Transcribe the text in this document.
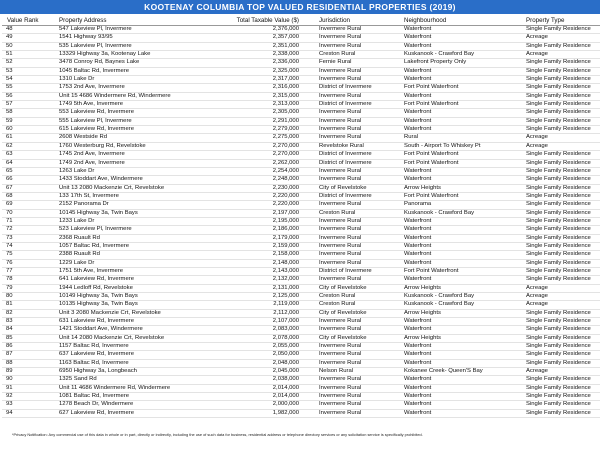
KOOTENAY COLUMBIA TOP VALUED RESIDENTIAL PROPERTIES (2019)
Value Rank	Property Address	Total Taxable Value ($)	Jurisdiction	Neighbourhood	Property Type
48	547 Lakeview Pl, Invermere	2,376,000	Invermere Rural	Waterfront	Single Family Residence
49	1541 Highway 93/95	2,357,000	Invermere Rural	Waterfront	Acreage
50	535 Lakeview Pl, Invermere	2,351,000	Invermere Rural	Waterfront	Single Family Residence
51	13329 Highway 3a, Kootenay Lake	2,338,000	Creston Rural	Kuskanook - Crawford Bay	Acreage
52	3478 Conroy Rd, Baynes Lake	2,336,000	Fernie Rural	Lakefront Property Only	Single Family Residence
53	1045 Baltac Rd, Invermere	2,325,000	Invermere Rural	Waterfront	Single Family Residence
54	1310 Lake Dr	2,317,000	Invermere Rural	Waterfront	Single Family Residence
55	1753 2nd Ave, Invermere	2,316,000	District of Invermere	Fort Point Waterfront	Single Family Residence
56	Unit 15 4686 Windermere Rd, Windermere	2,315,000	Invermere Rural	Waterfront	Single Family Residence
57	1749 5th Ave, Invermere	2,313,000	District of Invermere	Fort Point Waterfront	Single Family Residence
58	553 Lakeview Rd, Invermere	2,305,000	Invermere Rural	Waterfront	Single Family Residence
59	555 Lakeview Pl, Invermere	2,291,000	Invermere Rural	Waterfront	Single Family Residence
60	615 Lakeview Rd, Invermere	2,279,000	Invermere Rural	Waterfront	Single Family Residence
61	2608 Westside Rd	2,275,000	Invermere Rural	Rural	Acreage
62	1760 Westerburg Rd, Revelstoke	2,270,000	Revelstoke Rural	South - Airport To Whiskey Pt	Acreage
63	1745 2nd Ave, Invermere	2,270,000	District of Invermere	Fort Point Waterfront	Single Family Residence
64	1749 2nd Ave, Invermere	2,262,000	District of Invermere	Fort Point Waterfront	Single Family Residence
65	1263 Lake Dr	2,254,000	Invermere Rural	Waterfront	Single Family Residence
66	1433 Stoddart Ave, Windermere	2,248,000	Invermere Rural	Waterfront	Single Family Residence
67	Unit 13 2080 Mackenzie Crt, Revelstoke	2,230,000	City of Revelstoke	Arrow Heights	Single Family Residence
68	133 17th St, Invermere	2,220,000	District of Invermere	Fort Point Waterfront	Single Family Residence
69	2152 Panorama Dr	2,220,000	Invermere Rural	Panorama	Single Family Residence
70	10145 Highway 3a, Twin Bays	2,197,000	Creston Rural	Kuskanook - Crawford Bay	Single Family Residence
71	1233 Lake Dr	2,195,000	Invermere Rural	Waterfront	Single Family Residence
72	523 Lakeview Pl, Invermere	2,186,000	Invermere Rural	Waterfront	Single Family Residence
73	2368 Ruault Rd	2,179,000	Invermere Rural	Waterfront	Single Family Residence
74	1057 Baltac Rd, Invermere	2,159,000	Invermere Rural	Waterfront	Single Family Residence
75	2388 Ruault Rd	2,158,000	Invermere Rural	Waterfront	Single Family Residence
76	1229 Lake Dr	2,148,000	Invermere Rural	Waterfront	Single Family Residence
77	1751 5th Ave, Invermere	2,143,000	District of Invermere	Fort Point Waterfront	Single Family Residence
78	641 Lakeview Rd, Invermere	2,132,000	Invermere Rural	Waterfront	Single Family Residence
79	1944 Ledloff Rd, Revelstoke	2,131,000	City of Revelstoke	Arrow Heights	Acreage
80	10149 Highway 3a, Twin Bays	2,125,000	Creston Rural	Kuskanook - Crawford Bay	Acreage
81	10135 Highway 3a, Twin Bays	2,119,000	Creston Rural	Kuskanook - Crawford Bay	Acreage
82	Unit 3 2080 Mackenzie Crt, Revelstoke	2,112,000	City of Revelstoke	Arrow Heights	Single Family Residence
83	631 Lakeview Rd, Invermere	2,107,000	Invermere Rural	Waterfront	Single Family Residence
84	1421 Stoddart Ave, Windermere	2,083,000	Invermere Rural	Waterfront	Single Family Residence
85	Unit 14 2080 Mackenzie Crt, Revelstoke	2,078,000	City of Revelstoke	Arrow Heights	Single Family Residence
86	1157 Baltac Rd, Invermere	2,055,000	Invermere Rural	Waterfront	Single Family Residence
87	637 Lakeview Rd, Invermere	2,050,000	Invermere Rural	Waterfront	Single Family Residence
88	1163 Baltac Rd, Invermere	2,048,000	Invermere Rural	Waterfront	Single Family Residence
89	6950 Highway 3a, Longbeach	2,045,000	Nelson Rural	Kokanee Creek- Queen'S Bay	Acreage
90	1325 Sand Rd	2,038,000	Invermere Rural	Waterfront	Single Family Residence
91	Unit 11 4686 Windermere Rd, Windermere	2,014,000	Invermere Rural	Waterfront	Single Family Residence
92	1081 Baltac Rd, Invermere	2,014,000	Invermere Rural	Waterfront	Single Family Residence
93	1278 Beach Dr, Windermere	2,000,000	Invermere Rural	Waterfront	Single Family Residence
94	627 Lakeview Rd, Invermere	1,982,000	Invermere Rural	Waterfront	Single Family Residence
*Privacy Notification: Any commercial use of this data in whole or in part, directly or indirectly, including the use of such data for business, residential address or telephone directory services or any solicitation service is specifically prohibited.
